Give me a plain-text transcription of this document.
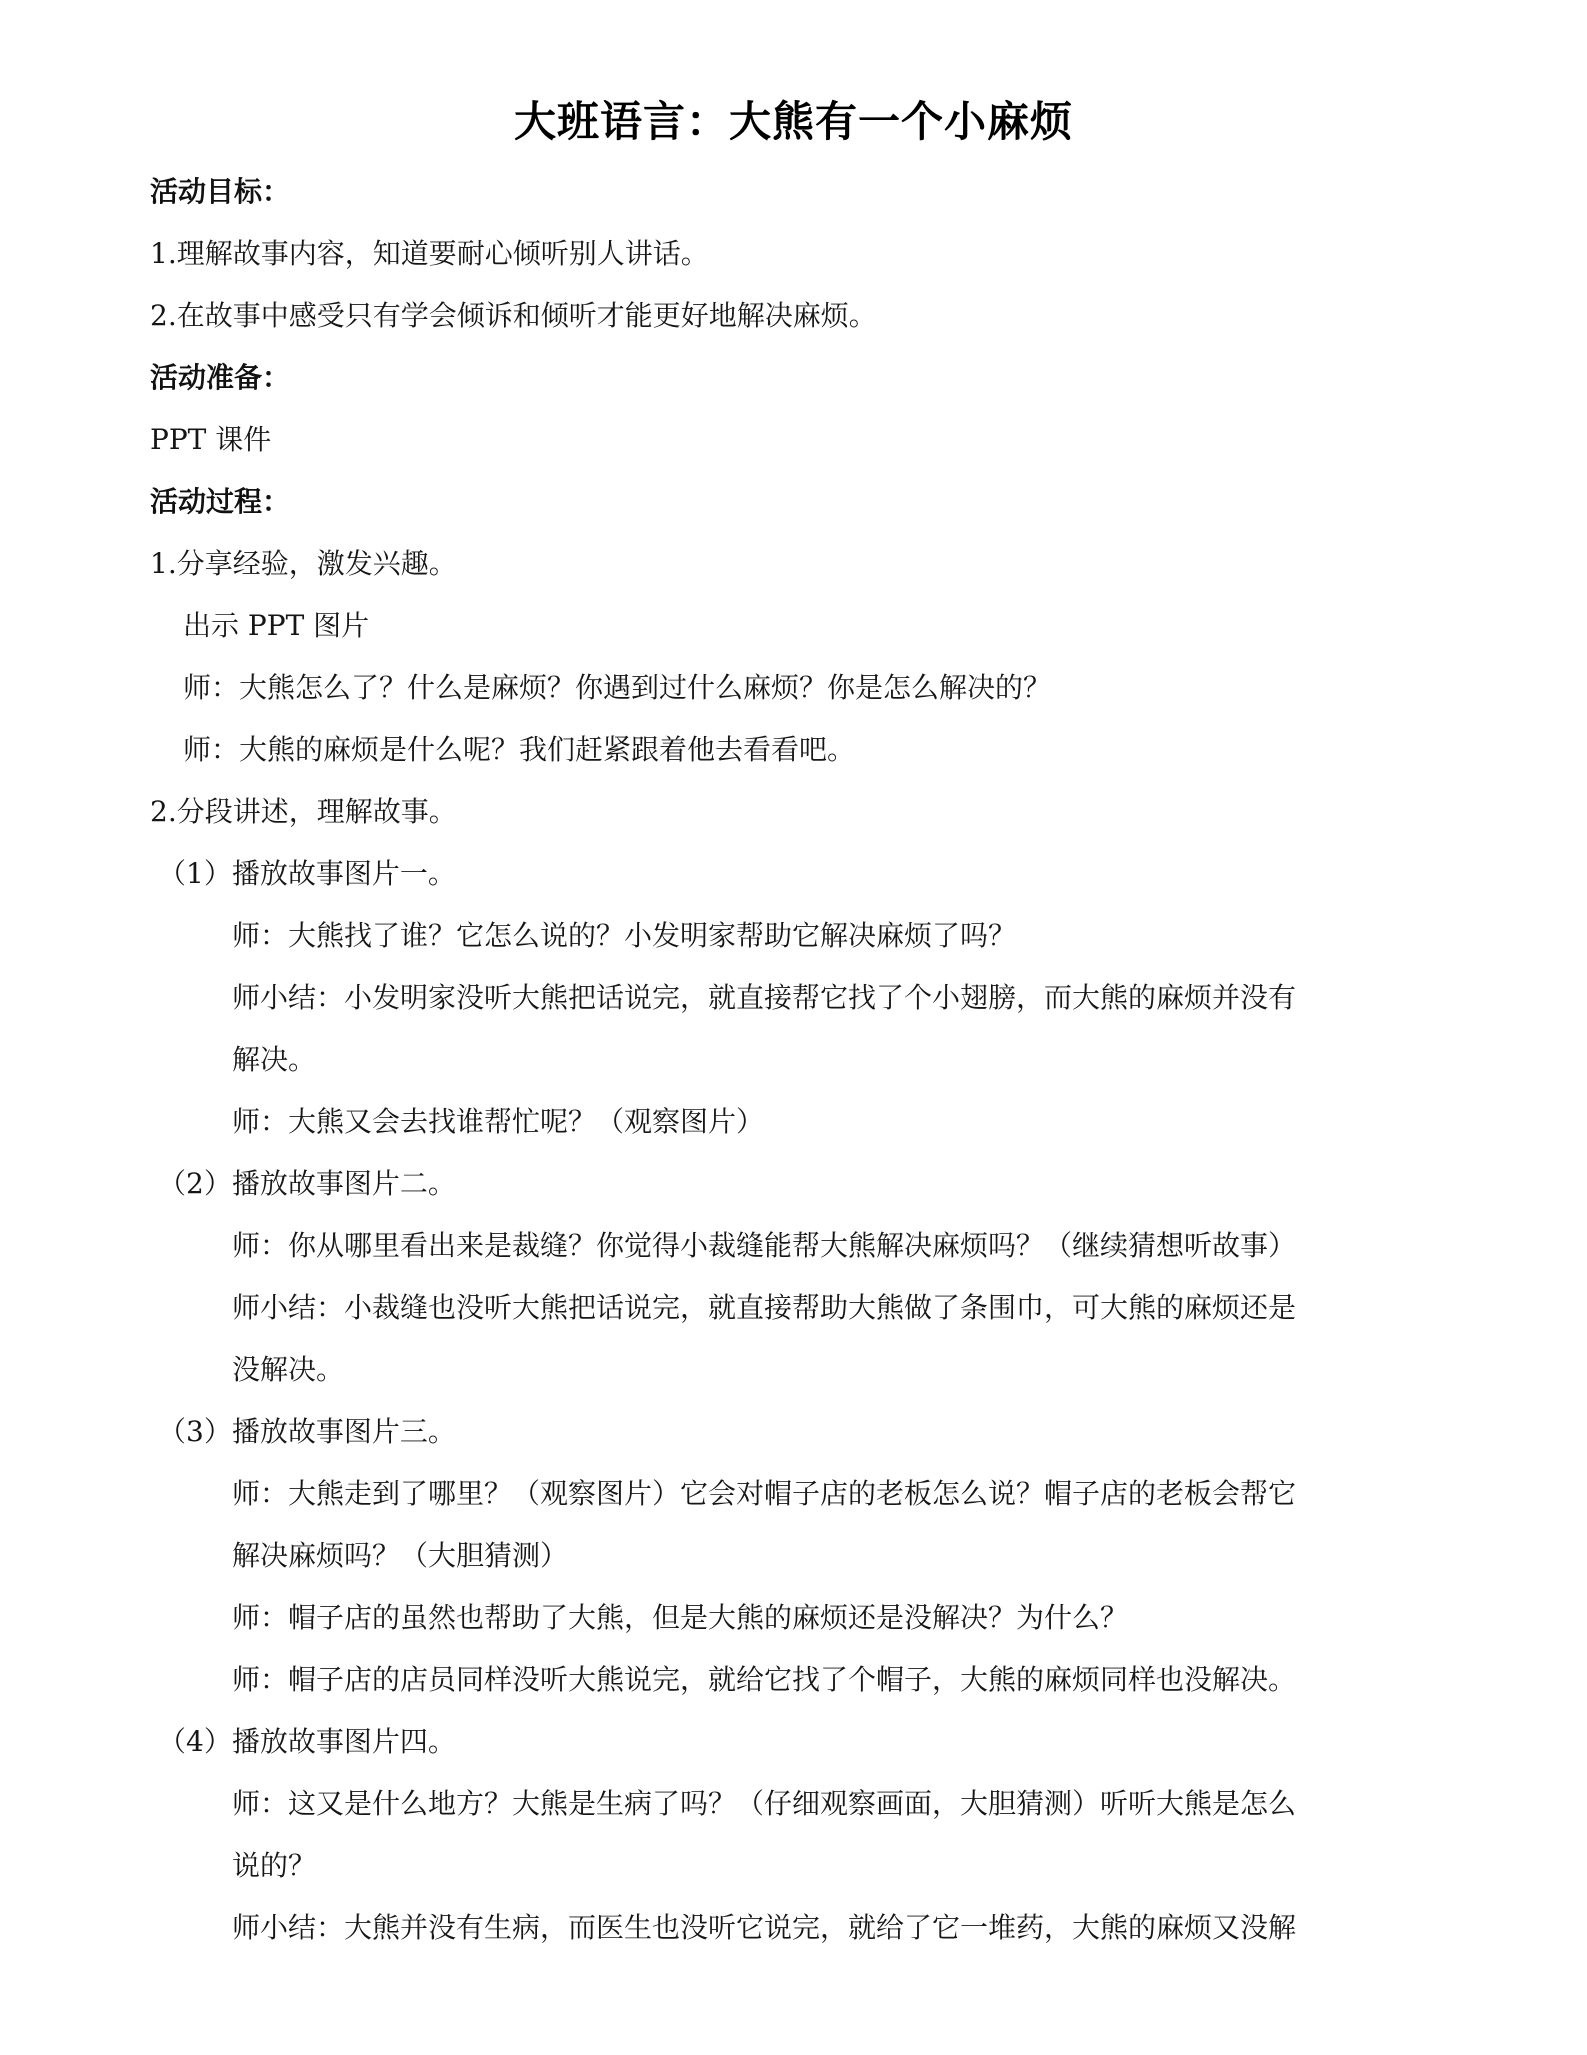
大班语言：大熊有一个小麻烦
活动目标：
1.理解故事内容，知道要耐心倾听别人讲话。
2.在故事中感受只有学会倾诉和倾听才能更好地解决麻烦。
活动准备：
PPT 课件
活动过程：
1.分享经验，激发兴趣。
出示 PPT 图片
师：大熊怎么了？什么是麻烦？你遇到过什么麻烦？你是怎么解决的？
师：大熊的麻烦是什么呢？我们赶紧跟着他去看看吧。
2.分段讲述，理解故事。
（1）播放故事图片一。
师：大熊找了谁？它怎么说的？小发明家帮助它解决麻烦了吗？
师小结：小发明家没听大熊把话说完，就直接帮它找了个小翅膀，而大熊的麻烦并没有
解决。
师：大熊又会去找谁帮忙呢？（观察图片）
（2）播放故事图片二。
师：你从哪里看出来是裁缝？你觉得小裁缝能帮大熊解决麻烦吗？（继续猜想听故事）
师小结：小裁缝也没听大熊把话说完，就直接帮助大熊做了条围巾，可大熊的麻烦还是
没解决。
（3）播放故事图片三。
师：大熊走到了哪里？（观察图片）它会对帽子店的老板怎么说？帽子店的老板会帮它
解决麻烦吗？（大胆猜测）
师：帽子店的虽然也帮助了大熊，但是大熊的麻烦还是没解决？为什么？
师：帽子店的店员同样没听大熊说完，就给它找了个帽子，大熊的麻烦同样也没解决。
（4）播放故事图片四。
师：这又是什么地方？大熊是生病了吗？（仔细观察画面，大胆猜测）听听大熊是怎么
说的？
师小结：大熊并没有生病，而医生也没听它说完，就给了它一堆药，大熊的麻烦又没解
